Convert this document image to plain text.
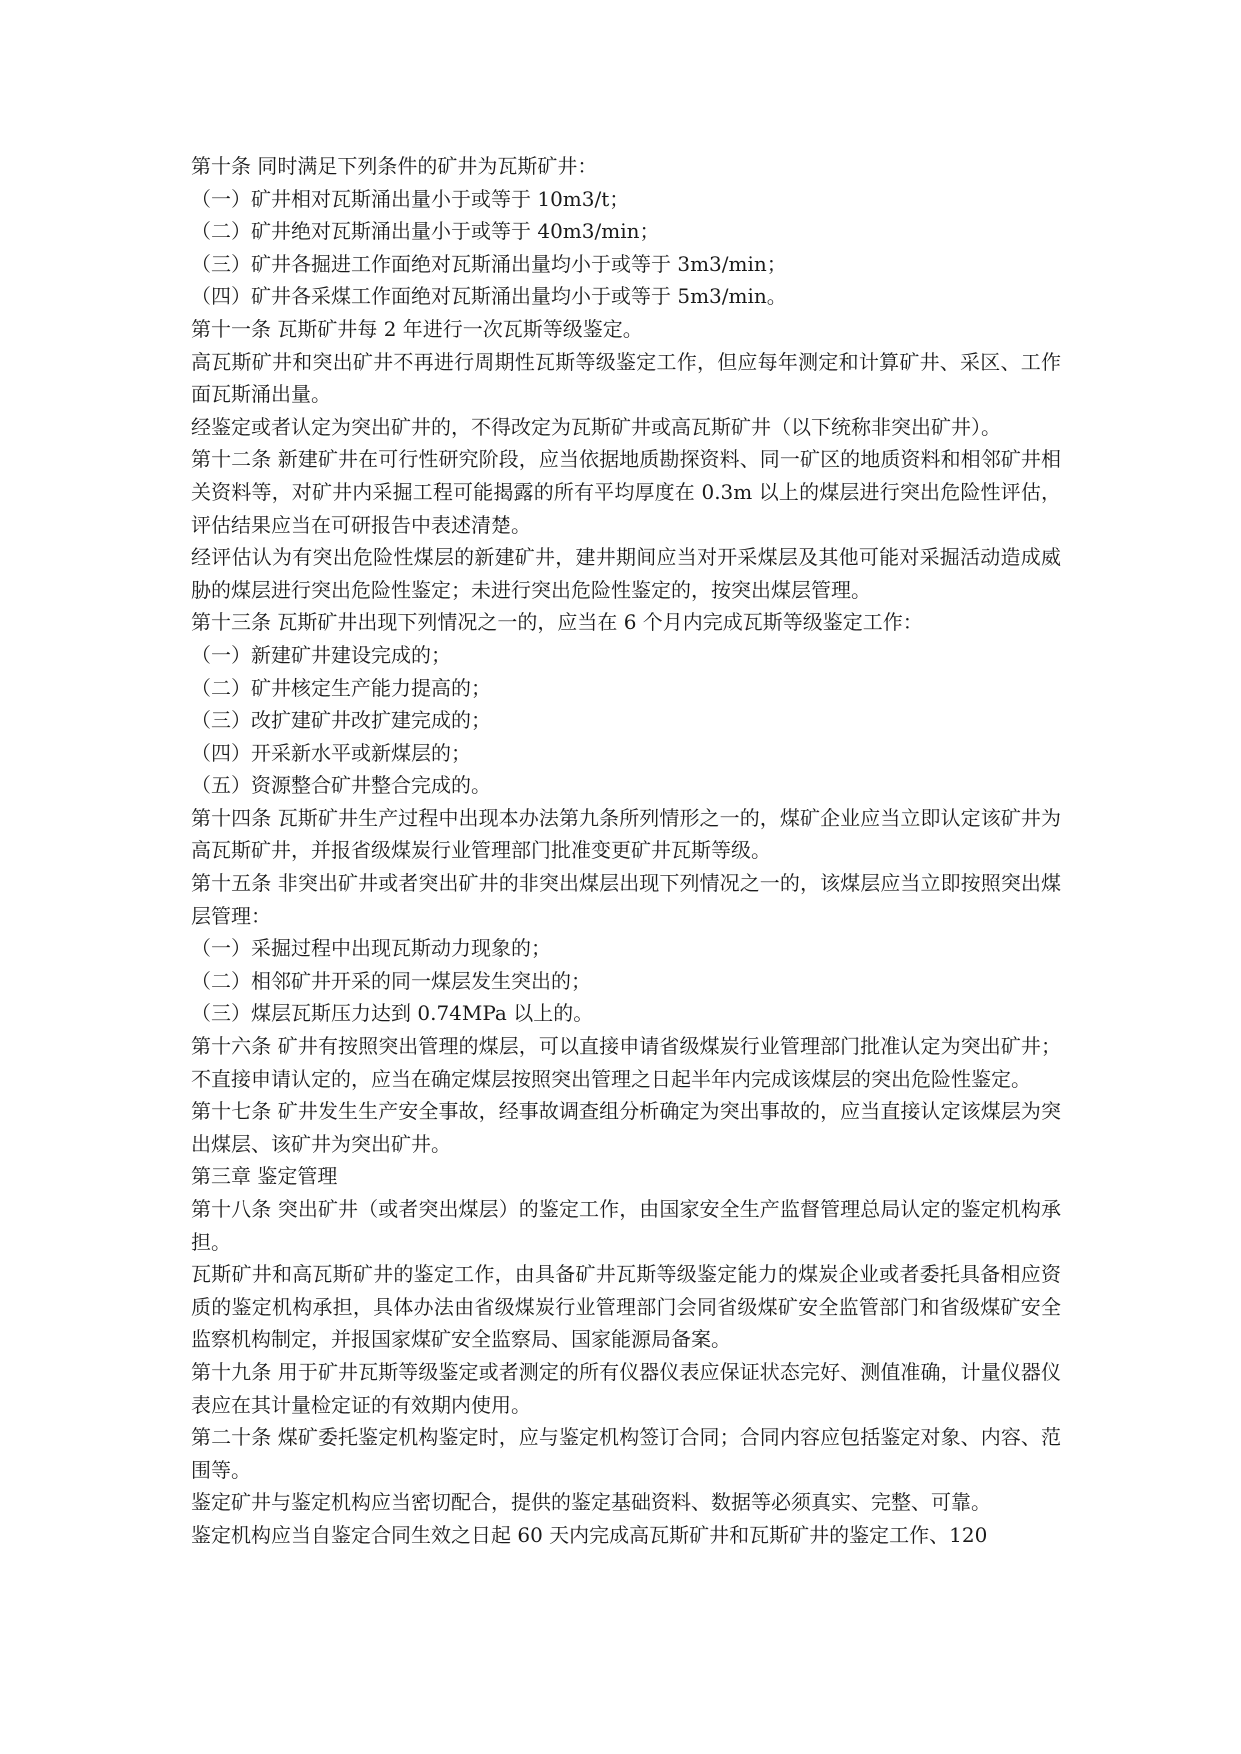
第十条 同时满足下列条件的矿井为瓦斯矿井：

（一）矿井相对瓦斯涌出量小于或等于 10m3/t；

（二）矿井绝对瓦斯涌出量小于或等于 40m3/min；

（三）矿井各掘进工作面绝对瓦斯涌出量均小于或等于 3m3/min；

（四）矿井各采煤工作面绝对瓦斯涌出量均小于或等于 5m3/min。

第十一条 瓦斯矿井每 2 年进行一次瓦斯等级鉴定。

高瓦斯矿井和突出矿井不再进行周期性瓦斯等级鉴定工作，但应每年测定和计算矿井、采区、工作面瓦斯涌出量。

经鉴定或者认定为突出矿井的，不得改定为瓦斯矿井或高瓦斯矿井（以下统称非突出矿井）。

第十二条 新建矿井在可行性研究阶段，应当依据地质勘探资料、同一矿区的地质资料和相邻矿井相关资料等，对矿井内采掘工程可能揭露的所有平均厚度在 0.3m 以上的煤层进行突出危险性评估，评估结果应当在可研报告中表述清楚。

经评估认为有突出危险性煤层的新建矿井，建井期间应当对开采煤层及其他可能对采掘活动造成威胁的煤层进行突出危险性鉴定；未进行突出危险性鉴定的，按突出煤层管理。

第十三条 瓦斯矿井出现下列情况之一的，应当在 6 个月内完成瓦斯等级鉴定工作：

（一）新建矿井建设完成的；

（二）矿井核定生产能力提高的；

（三）改扩建矿井改扩建完成的；

（四）开采新水平或新煤层的；

（五）资源整合矿井整合完成的。

第十四条 瓦斯矿井生产过程中出现本办法第九条所列情形之一的，煤矿企业应当立即认定该矿井为高瓦斯矿井，并报省级煤炭行业管理部门批准变更矿井瓦斯等级。

第十五条 非突出矿井或者突出矿井的非突出煤层出现下列情况之一的，该煤层应当立即按照突出煤层管理：

（一）采掘过程中出现瓦斯动力现象的；

（二）相邻矿井开采的同一煤层发生突出的；

（三）煤层瓦斯压力达到 0.74MPa 以上的。

第十六条 矿井有按照突出管理的煤层，可以直接申请省级煤炭行业管理部门批准认定为突出矿井；不直接申请认定的，应当在确定煤层按照突出管理之日起半年内完成该煤层的突出危险性鉴定。

第十七条 矿井发生生产安全事故，经事故调查组分析确定为突出事故的，应当直接认定该煤层为突出煤层、该矿井为突出矿井。

第三章 鉴定管理

第十八条 突出矿井（或者突出煤层）的鉴定工作，由国家安全生产监督管理总局认定的鉴定机构承担。

瓦斯矿井和高瓦斯矿井的鉴定工作，由具备矿井瓦斯等级鉴定能力的煤炭企业或者委托具备相应资质的鉴定机构承担，具体办法由省级煤炭行业管理部门会同省级煤矿安全监管部门和省级煤矿安全监察机构制定，并报国家煤矿安全监察局、国家能源局备案。

第十九条 用于矿井瓦斯等级鉴定或者测定的所有仪器仪表应保证状态完好、测值准确，计量仪器仪表应在其计量检定证的有效期内使用。

第二十条 煤矿委托鉴定机构鉴定时，应与鉴定机构签订合同；合同内容应包括鉴定对象、内容、范围等。

鉴定矿井与鉴定机构应当密切配合，提供的鉴定基础资料、数据等必须真实、完整、可靠。

鉴定机构应当自鉴定合同生效之日起 60 天内完成高瓦斯矿井和瓦斯矿井的鉴定工作、120
